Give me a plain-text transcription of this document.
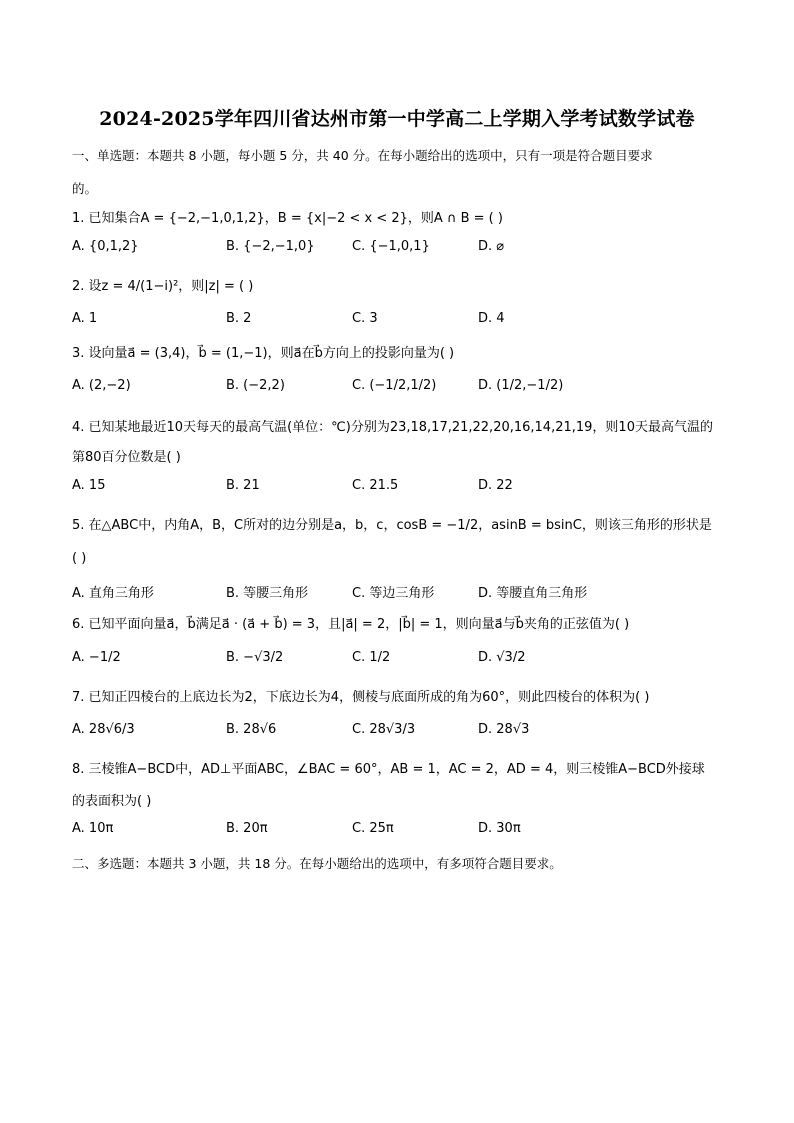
2024-2025学年四川省达州市第一中学高二上学期入学考试数学试卷
一、单选题：本题共 8 小题，每小题 5 分，共 40 分。在每小题给出的选项中，只有一项是符合题目要求
的。
1. 已知集合A = {−2,−1,0,1,2}，B = {x|−2 < x < 2}，则A ∩ B = ( )
A. {0,1,2}	B. {−2,−1,0}	C. {−1,0,1}	D. ⌀
2. 设z = 4/(1−i)²，则|z| = ( )
A. 1	B. 2	C. 3	D. 4
3. 设向量a⃗ = (3,4)，b⃗ = (1,−1)，则a⃗在b⃗方向上的投影向量为( )
A. (2,−2)	B. (−2,2)	C. (−1/2,1/2)	D. (1/2,−1/2)
4. 已知某地最近10天每天的最高气温(单位：℃)分别为23,18,17,21,22,20,16,14,21,19，则10天最高气温的
第80百分位数是( )
A. 15	B. 21	C. 21.5	D. 22
5. 在△ABC中，内角A，B，C所对的边分别是a，b，c，cosB = −1/2，asinB = bsinC，则该三角形的形状是
( )
A. 直角三角形	B. 等腰三角形	C. 等边三角形	D. 等腰直角三角形
6. 已知平面向量a⃗，b⃗满足a⃗ · (a⃗ + b⃗) = 3，且|a⃗| = 2，|b⃗| = 1，则向量a⃗与b⃗夹角的正弦值为( )
A. −1/2	B. −√3/2	C. 1/2	D. √3/2
7. 已知正四棱台的上底边长为2，下底边长为4，侧棱与底面所成的角为60°，则此四棱台的体积为( )
A. 28√6/3	B. 28√6	C. 28√3/3	D. 28√3
8. 三棱锥A−BCD中，AD⊥平面ABC，∠BAC = 60°，AB = 1，AC = 2，AD = 4，则三棱锥A−BCD外接球
的表面积为( )
A. 10π	B. 20π	C. 25π	D. 30π
二、多选题：本题共 3 小题，共 18 分。在每小题给出的选项中，有多项符合题目要求。
